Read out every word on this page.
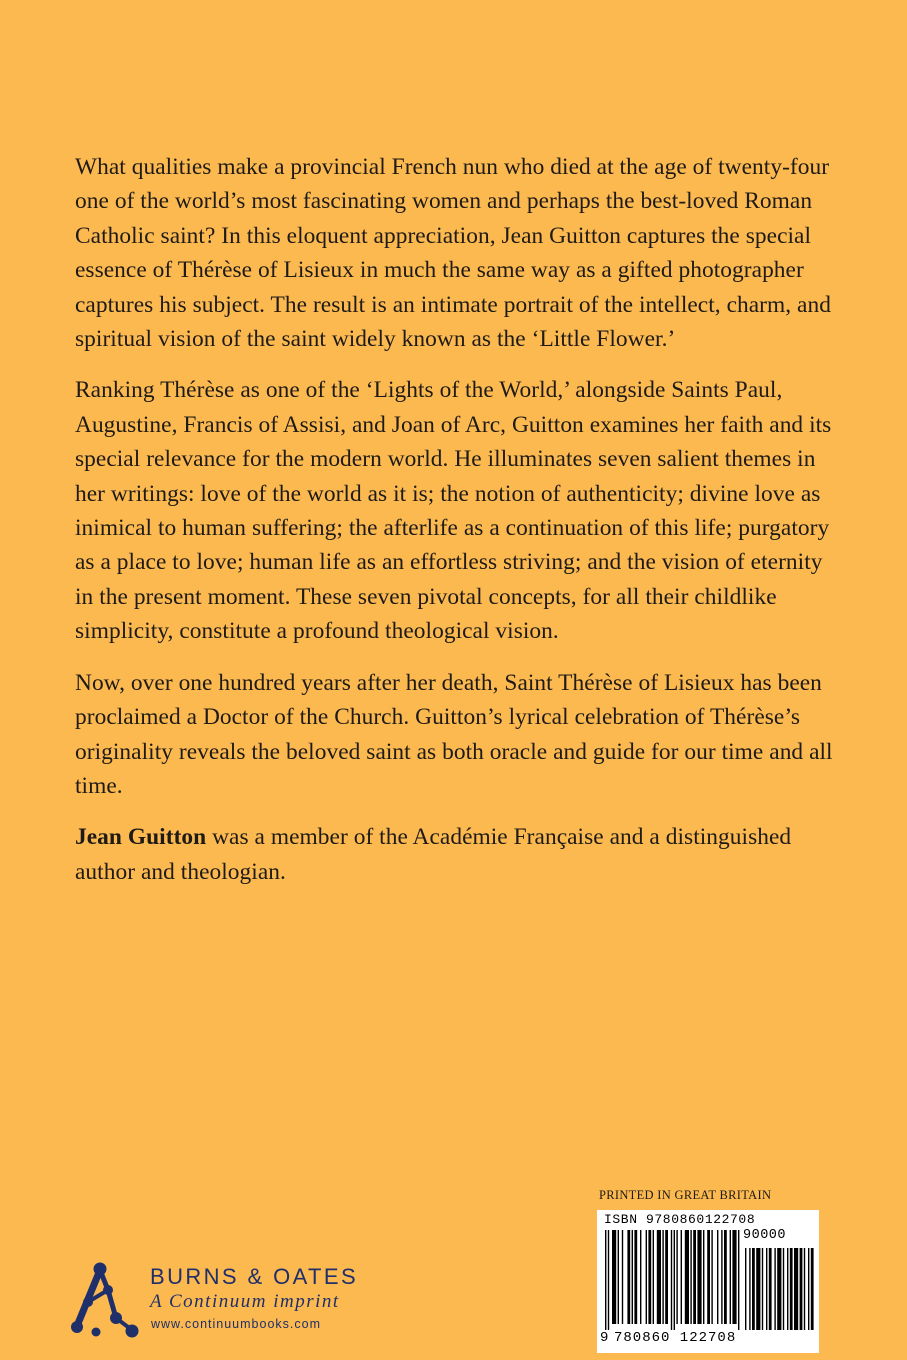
What qualities make a provincial French nun who died at the age of twenty-four one of the world’s most fascinating women and perhaps the best-loved Roman Catholic saint? In this eloquent appreciation, Jean Guitton captures the special essence of Thérèse of Lisieux in much the same way as a gifted photographer captures his subject. The result is an intimate portrait of the intellect, charm, and spiritual vision of the saint widely known as the ‘Little Flower.’

Ranking Thérèse as one of the ‘Lights of the World,’ alongside Saints Paul, Augustine, Francis of Assisi, and Joan of Arc, Guitton examines her faith and its special relevance for the modern world. He illuminates seven salient themes in her writings: love of the world as it is; the notion of authenticity; divine love as inimical to human suffering; the afterlife as a continuation of this life; purgatory as a place to love; human life as an effortless striving; and the vision of eternity in the present moment. These seven pivotal concepts, for all their childlike simplicity, constitute a profound theological vision.

Now, over one hundred years after her death, Saint Thérèse of Lisieux has been proclaimed a Doctor of the Church. Guitton’s lyrical celebration of Thérèse’s originality reveals the beloved saint as both oracle and guide for our time and all time.

Jean Guitton was a member of the Académie Française and a distinguished author and theologian.

BURNS & OATES
A Continuum imprint
www.continuumbooks.com
PRINTED IN GREAT BRITAIN
ISBN 9780860122708
90000
9 780860 122708
